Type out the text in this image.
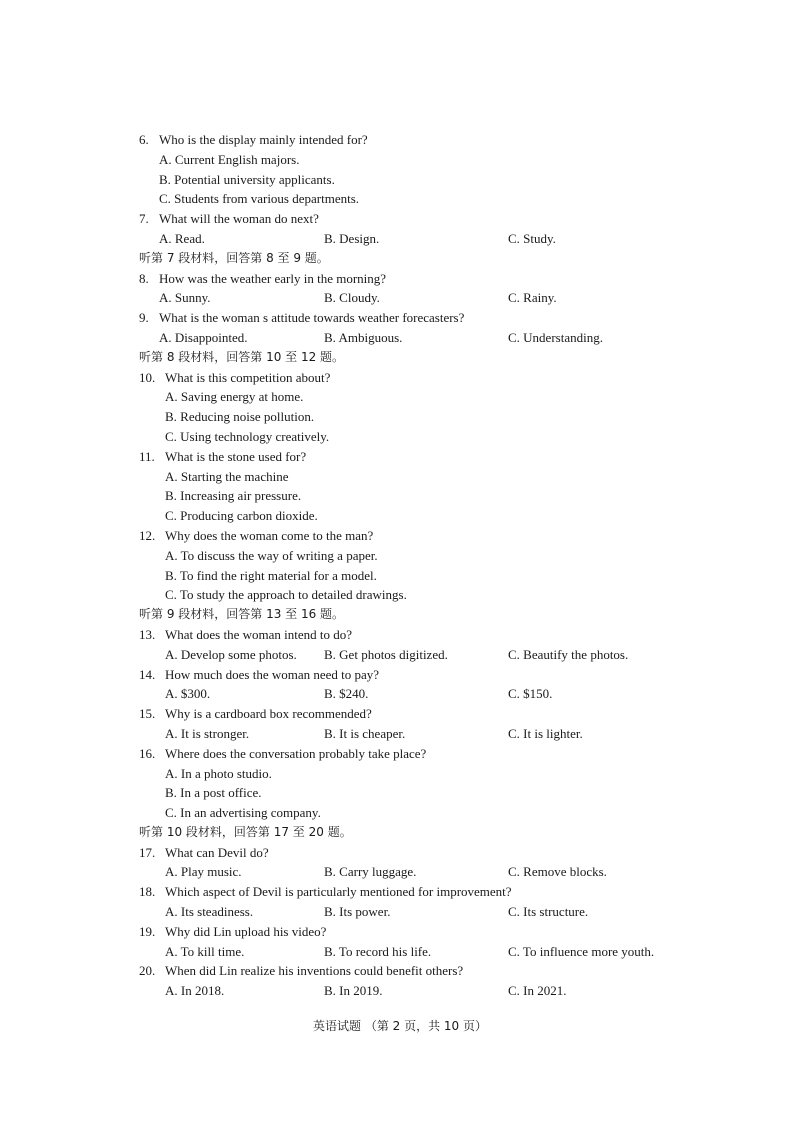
6. Who is the display mainly intended for?
A. Current English majors.
B. Potential university applicants.
C. Students from various departments.
7. What will the woman do next?
A. Read.	B. Design.	C. Study.
听第 7 段材料，回答第 8 至 9 题。
8. How was the weather early in the morning?
A. Sunny.	B. Cloudy.	C. Rainy.
9. What is the woman s attitude towards weather forecasters?
A. Disappointed.	B. Ambiguous.	C. Understanding.
听第 8 段材料，回答第 10 至 12 题。
10. What is this competition about?
A. Saving energy at home.
B. Reducing noise pollution.
C. Using technology creatively.
11. What is the stone used for?
A. Starting the machine
B. Increasing air pressure.
C. Producing carbon dioxide.
12. Why does the woman come to the man?
A. To discuss the way of writing a paper.
B. To find the right material for a model.
C. To study the approach to detailed drawings.
听第 9 段材料，回答第 13 至 16 题。
13. What does the woman intend to do?
A. Develop some photos. B. Get photos digitized.	C. Beautify the photos.
14. How much does the woman need to pay?
A. $300.	B. $240.	C. $150.
15. Why is a cardboard box recommended?
A. It is stronger.	B. It is cheaper.	C. It is lighter.
16. Where does the conversation probably take place?
A. In a photo studio.
B. In a post office.
C. In an advertising company.
听第 10 段材料，回答第 17 至 20 题。
17. What can Devil do?
A. Play music.	B. Carry luggage.	C. Remove blocks.
18. Which aspect of Devil is particularly mentioned for improvement?
A. Its steadiness.	B. Its power.	C. Its structure.
19. Why did Lin upload his video?
A. To kill time.	B. To record his life.	C. To influence more youth.
20. When did Lin realize his inventions could benefit others?
A. In 2018.	B. In 2019.	C. In 2021.
英语试题 （第 2 页，共 10 页）
